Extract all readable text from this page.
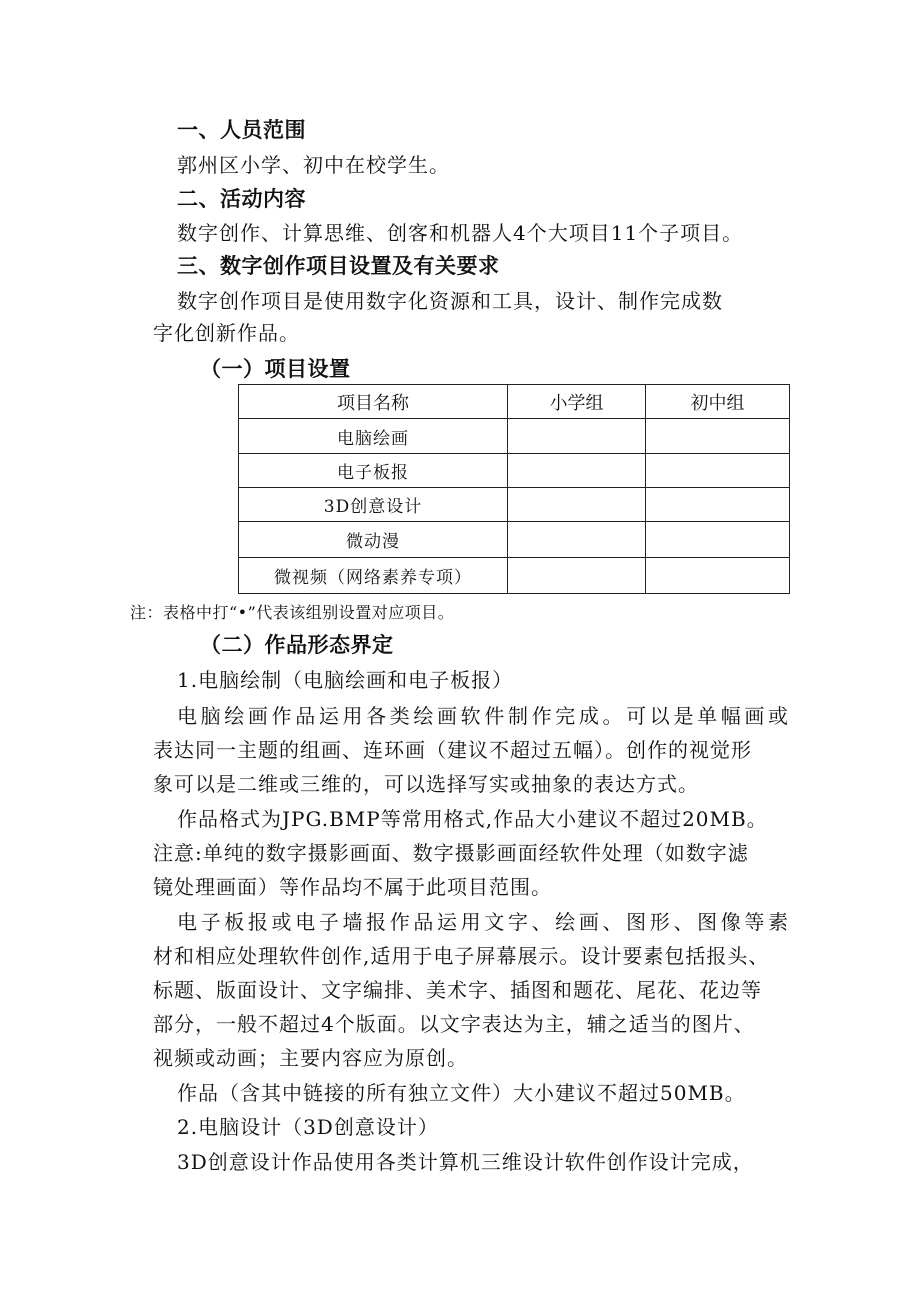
一、人员范围
郭州区小学、初中在校学生。
二、活动内容
数字创作、计算思维、创客和机器人4个大项目11个子项目。
三、数字创作项目设置及有关要求
数字创作项目是使用数字化资源和工具，设计、制作完成数
字化创新作品。
（一）项目设置
项目名称	小学组	初中组
电脑绘画		
电子板报		
3D创意设计		
微动漫		
微视频（网络素养专项）		
注：表格中打“•”代表该组别设置对应项目。
（二）作品形态界定
1.电脑绘制（电脑绘画和电子板报）
电脑绘画作品运用各类绘画软件制作完成。可以是单幅画或
表达同一主题的组画、连环画（建议不超过五幅）。创作的视觉形
象可以是二维或三维的，可以选择写实或抽象的表达方式。
作品格式为JPG.BMP等常用格式,作品大小建议不超过20MB。
注意:单纯的数字摄影画面、数字摄影画面经软件处理（如数字滤
镜处理画面）等作品均不属于此项目范围。
电子板报或电子墙报作品运用文字、绘画、图形、图像等素
材和相应处理软件创作,适用于电子屏幕展示。设计要素包括报头、
标题、版面设计、文字编排、美术字、插图和题花、尾花、花边等
部分，一般不超过4个版面。以文字表达为主，辅之适当的图片、
视频或动画；主要内容应为原创。
作品（含其中链接的所有独立文件）大小建议不超过50MB。
2.电脑设计（3D创意设计）
3D创意设计作品使用各类计算机三维设计软件创作设计完成，
